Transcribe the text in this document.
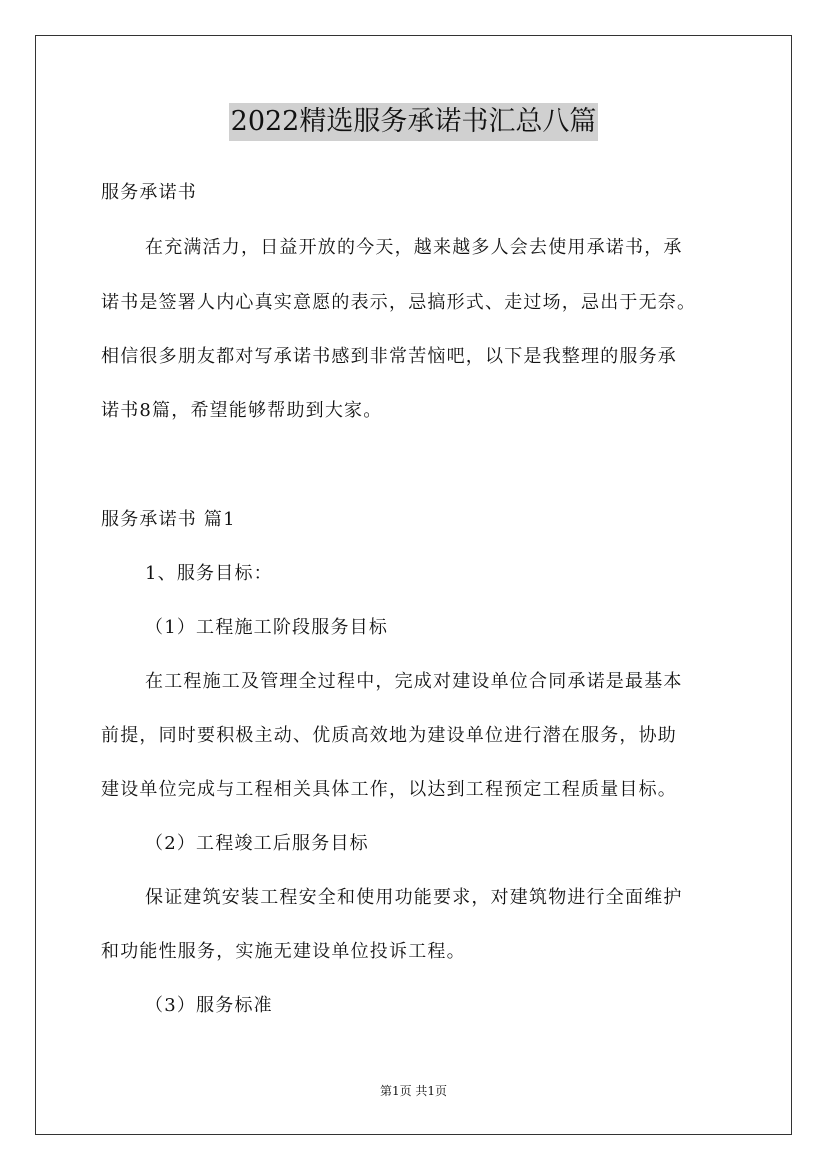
2022精选服务承诺书汇总八篇
服务承诺书
在充满活力，日益开放的今天，越来越多人会去使用承诺书，承
诺书是签署人内心真实意愿的表示，忌搞形式、走过场，忌出于无奈。
相信很多朋友都对写承诺书感到非常苦恼吧，以下是我整理的服务承
诺书8篇，希望能够帮助到大家。
服务承诺书 篇1
1、服务目标：
（1）工程施工阶段服务目标
在工程施工及管理全过程中，完成对建设单位合同承诺是最基本
前提，同时要积极主动、优质高效地为建设单位进行潜在服务，协助
建设单位完成与工程相关具体工作，以达到工程预定工程质量目标。
（2）工程竣工后服务目标
保证建筑安装工程安全和使用功能要求，对建筑物进行全面维护
和功能性服务，实施无建设单位投诉工程。
（3）服务标准
第1页 共1页
